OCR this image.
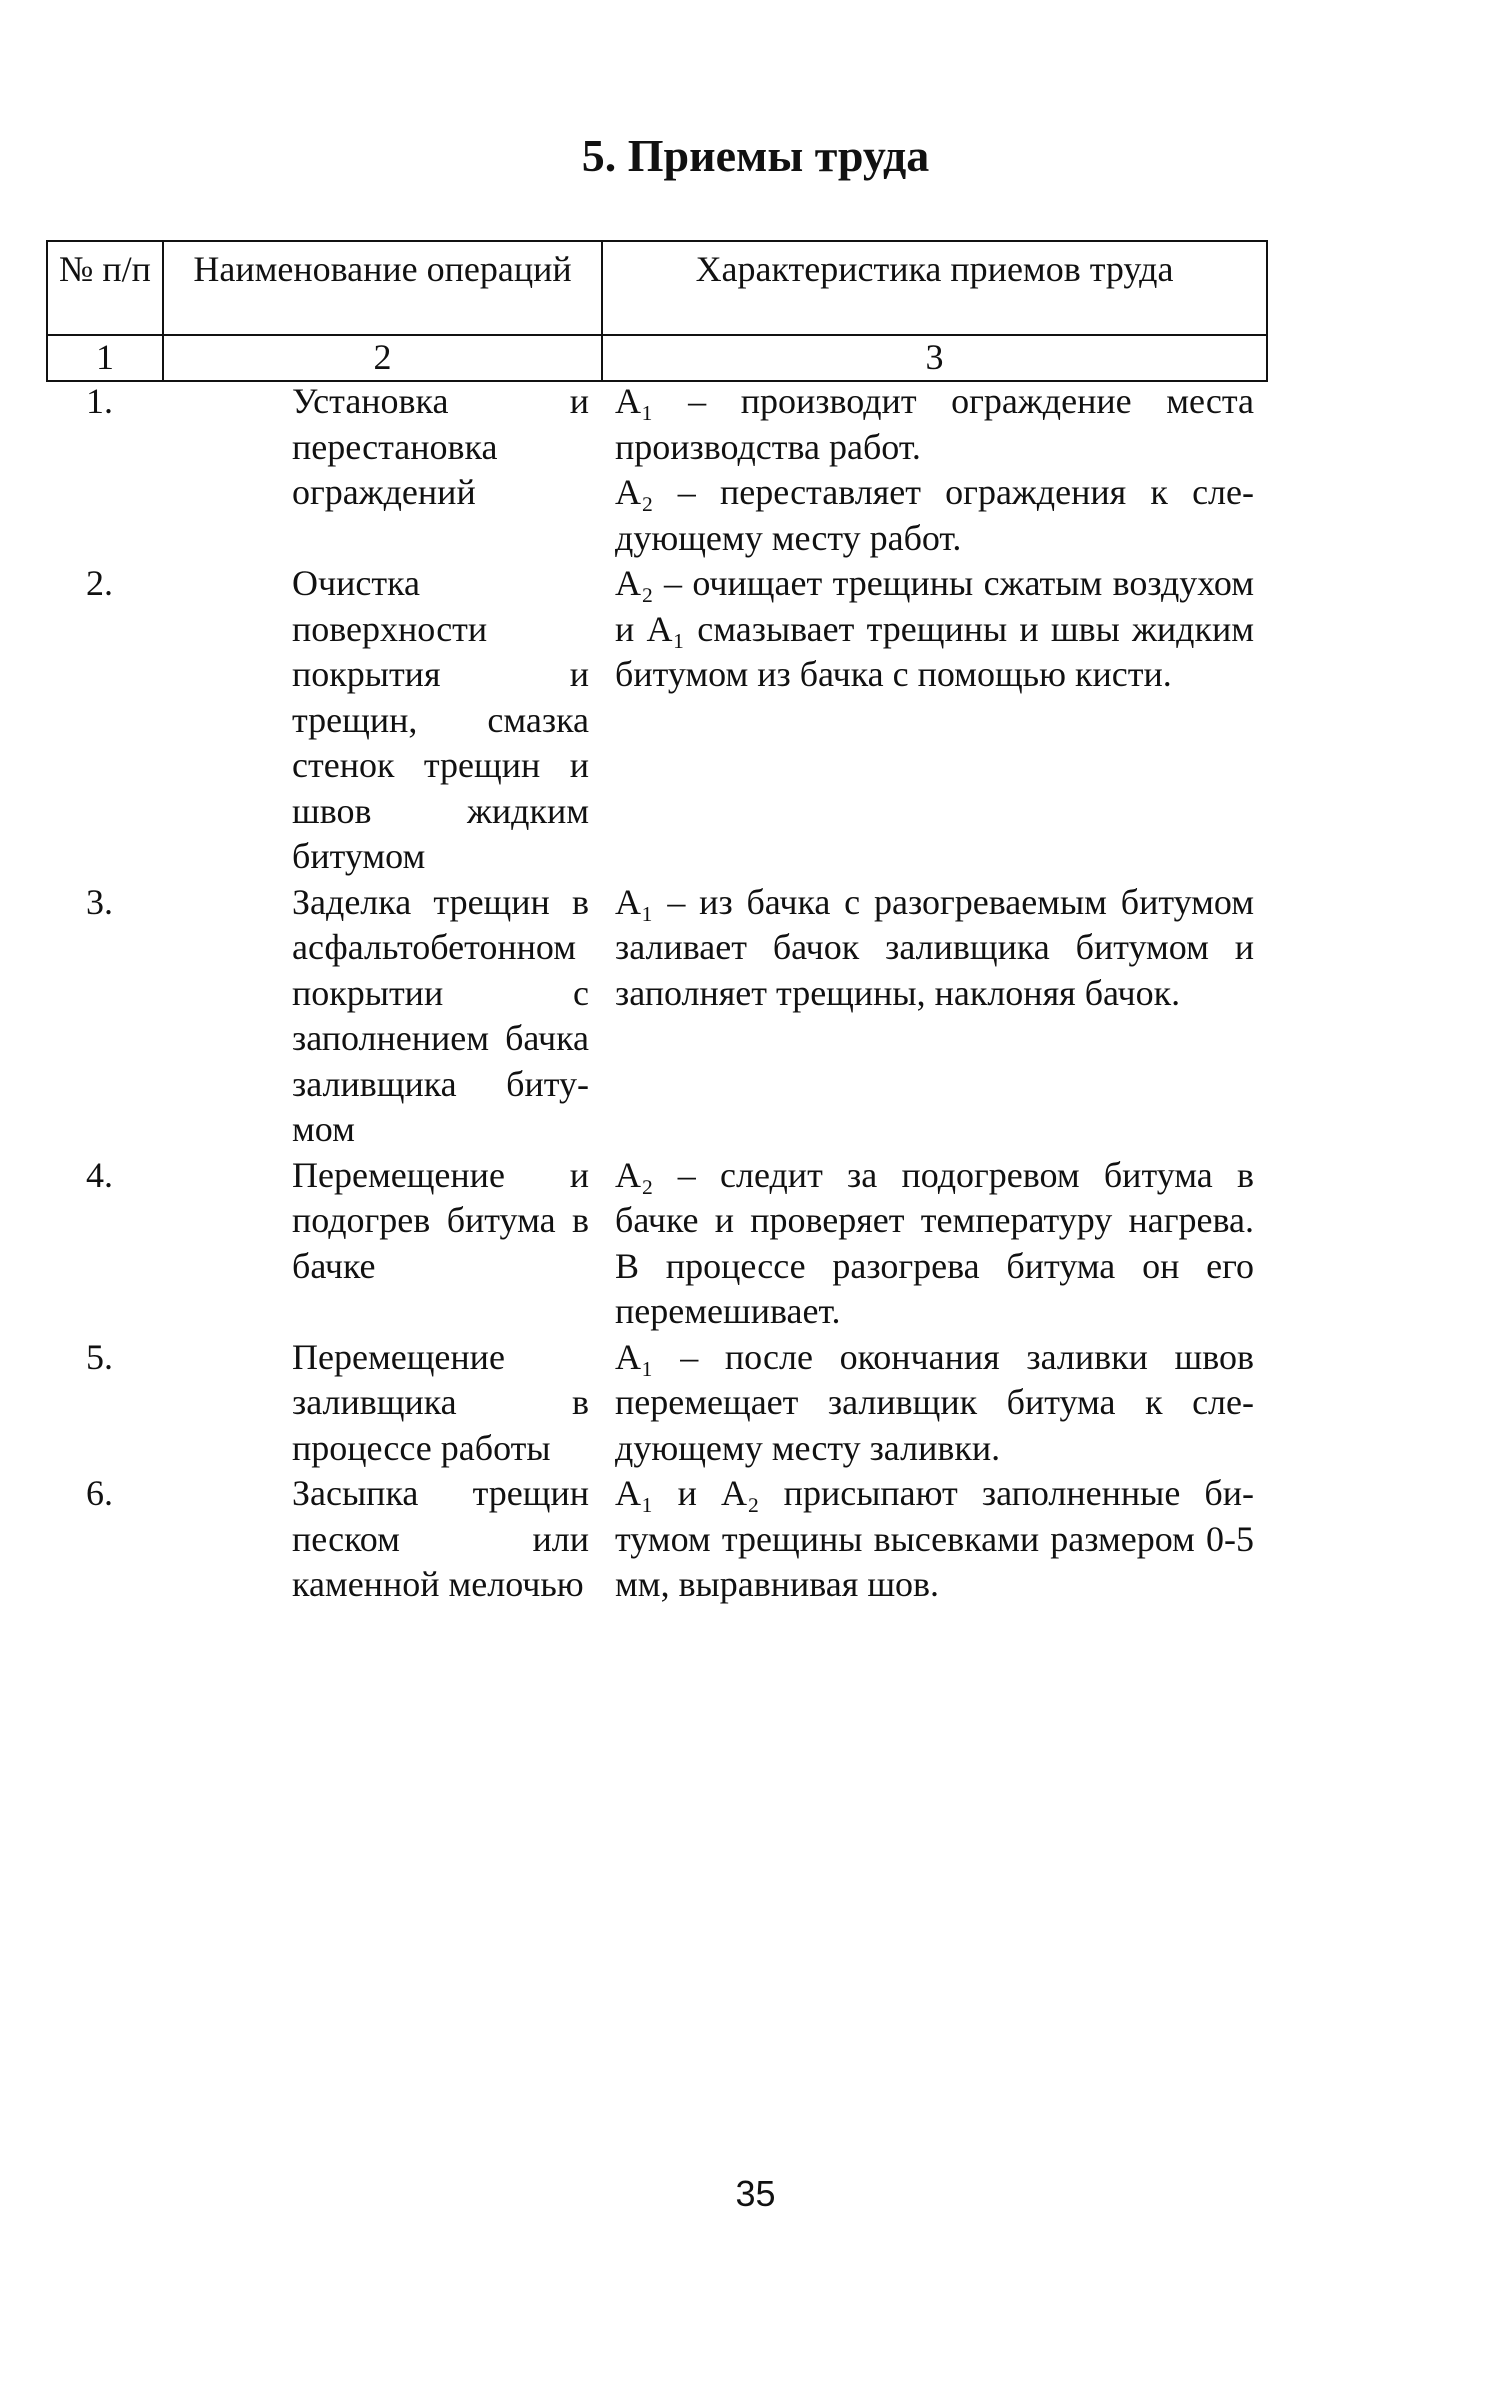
5. Приемы труда
№ п/п	Наименование операций	Характеристика приемов труда
1	2	3
1.	Установка и перестановка ограждений	A₁ – производит ограждение места производства работ.
A₂ – переставляет ограждения к следующему месту работ.

2.	Очистка поверхности покрытия и трещин, смазка стенок трещин и швов жидким битумом	A₂ – очищает трещины сжатым воздухом и A₁ смазывает трещины и швы жидким битумом из бачка с помощью кисти.

3.	Заделка трещин в асфальтобетонном покрытии с заполнением бачка заливщика битумом	A₁ – из бачка с разогреваемым битумом заливает бачок заливщика битумом и заполняет трещины, наклоняя бачок.

4.	Перемещение и подогрев битума в бачке	A₂ – следит за подогревом битума в бачке и проверяет температуру нагрева. В процессе разогрева битума он его перемешивает.

5.	Перемещение заливщика в процессе работы	A₁ – после окончания заливки швов перемещает заливщик битума к следующему месту заливки.

6.	Засыпка трещин песком или каменной мелочью	A₁ и A₂ присыпают заполненные битумом трещины высевками размером 0-5 мм, выравнивая шов.
35
